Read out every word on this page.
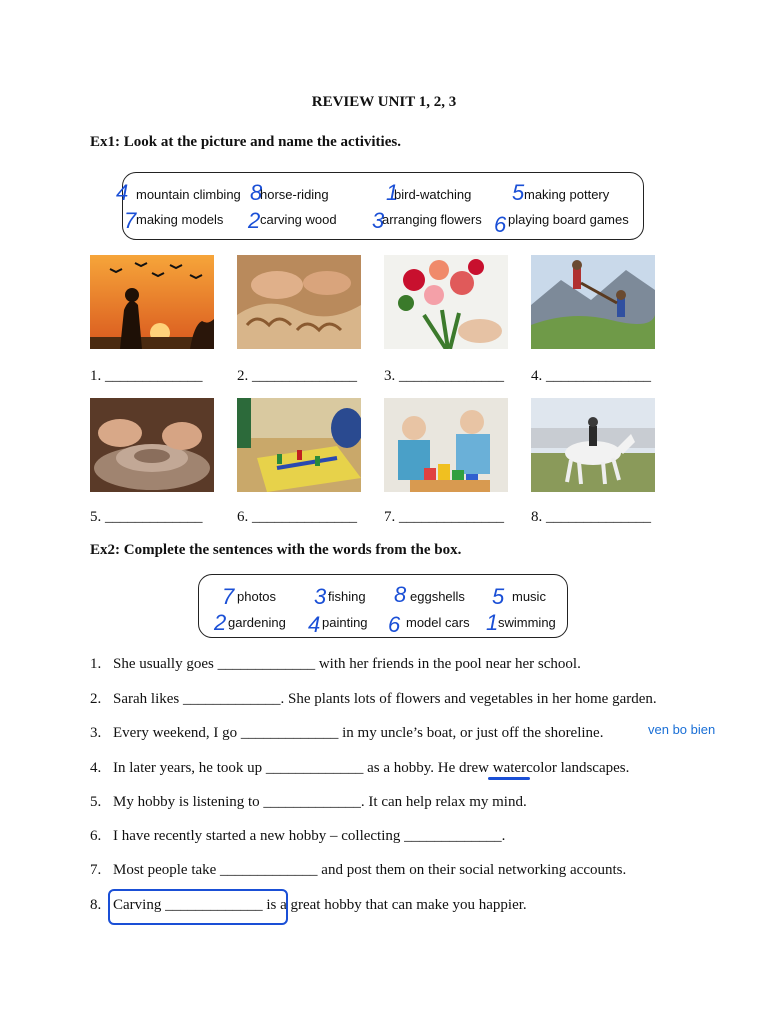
REVIEW UNIT 1, 2, 3
Ex1: Look at the picture and name the activities.
4 mountain climbing 8
horse-riding	1
bird-watching 5 making pottery
7 making models 2 carving wood 3
arranging flowers 6 playing board games
1. _____________ 2. ______________ 3. ______________ 4. ______________
5. _____________ 6. ______________ 7. ______________ 8. ______________
Ex2: Complete the sentences with the words from the box.
7 photos 3 fishing 8 eggshells 5 music
2 gardening 4 painting 6 model cars 1 swimming
1. She usually goes _____________ with her friends in the pool near her school.
2. Sarah likes _____________. She plants lots of flowers and vegetables in her home garden.
3. Every weekend, I go _____________ in my uncle’s boat, or just off the shoreline.	ven bo bien
4. In later years, he took up _____________ as a hobby. He drew watercolor landscapes.
5. My hobby is listening to _____________. It can help relax my mind.
6. I have recently started a new hobby – collecting _____________.
7. Most people take _____________ and post them on their social networking accounts.
8. Carving _____________ is a great hobby that can make you happier.
